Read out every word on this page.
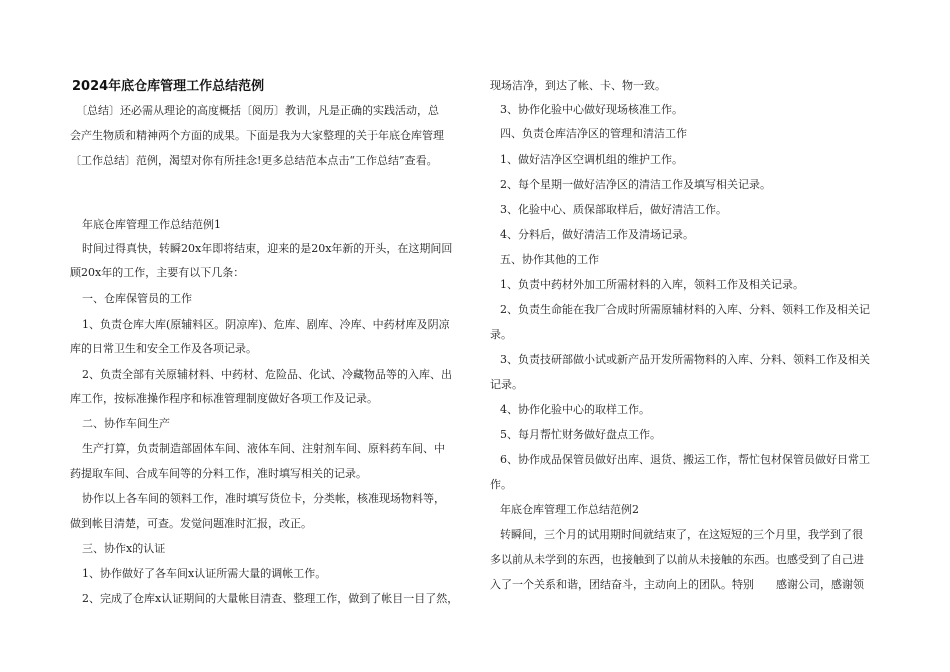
2024年底仓库管理工作总结范例
〔总结〕还必需从理论的高度概括〔阅历〕教训，凡是正确的实践活动，总
会产生物质和精神两个方面的成果。下面是我为大家整理的关于年底仓库管理
〔工作总结〕范例，渴望对你有所挂念!更多总结范本点击“工作总结”查看。
年底仓库管理工作总结范例1
时间过得真快，转瞬20x年即将结束，迎来的是20x年新的开头，在这期间回
顾20x年的工作，主要有以下几条：
一、仓库保管员的工作
1、负责仓库大库(原辅料区。阴凉库)、危库、剧库、冷库、中药材库及阴凉
库的日常卫生和安全工作及各项记录。
2、负责全部有关原辅材料、中药材、危险品、化试、冷藏物品等的入库、出
库工作，按标准操作程序和标准管理制度做好各项工作及记录。
二、协作车间生产
生产打算，负责制造部固体车间、液体车间、注射剂车间、原料药车间、中
药提取车间、合成车间等的分料工作，准时填写相关的记录。
协作以上各车间的领料工作，准时填写货位卡，分类帐，核准现场物料等，
做到帐目清楚，可查。发觉问题准时汇报，改正。
三、协作x的认证
1、协作做好了各车间x认证所需大量的调帐工作。
2、完成了仓库x认证期间的大量帐目清查、整理工作，做到了帐目一目了然，
现场洁净，到达了帐、卡、物一致。
3、协作化验中心做好现场核准工作。
四、负责仓库洁净区的管理和清洁工作
1、做好洁净区空调机组的维护工作。
2、每个星期一做好洁净区的清洁工作及填写相关记录。
3、化验中心、质保部取样后，做好清洁工作。
4、分料后，做好清洁工作及清场记录。
五、协作其他的工作
1、负责中药材外加工所需材料的入库，领料工作及相关记录。
2、负责生命能在我厂合成时所需原辅材料的入库、分料、领料工作及相关记
录。
3、负责技研部做小试或新产品开发所需物料的入库、分料、领料工作及相关
记录。
4、协作化验中心的取样工作。
5、每月帮忙财务做好盘点工作。
6、协作成品保管员做好出库、退货、搬运工作，帮忙包材保管员做好日常工
作。
年底仓库管理工作总结范例2
转瞬间，三个月的试用期时间就结束了，在这短短的三个月里，我学到了很
多以前从未学到的东西，也接触到了以前从未接触的东西。也感受到了自己进
入了一个关系和谐，团结奋斗，主动向上的团队。特别　　感谢公司，感谢领
